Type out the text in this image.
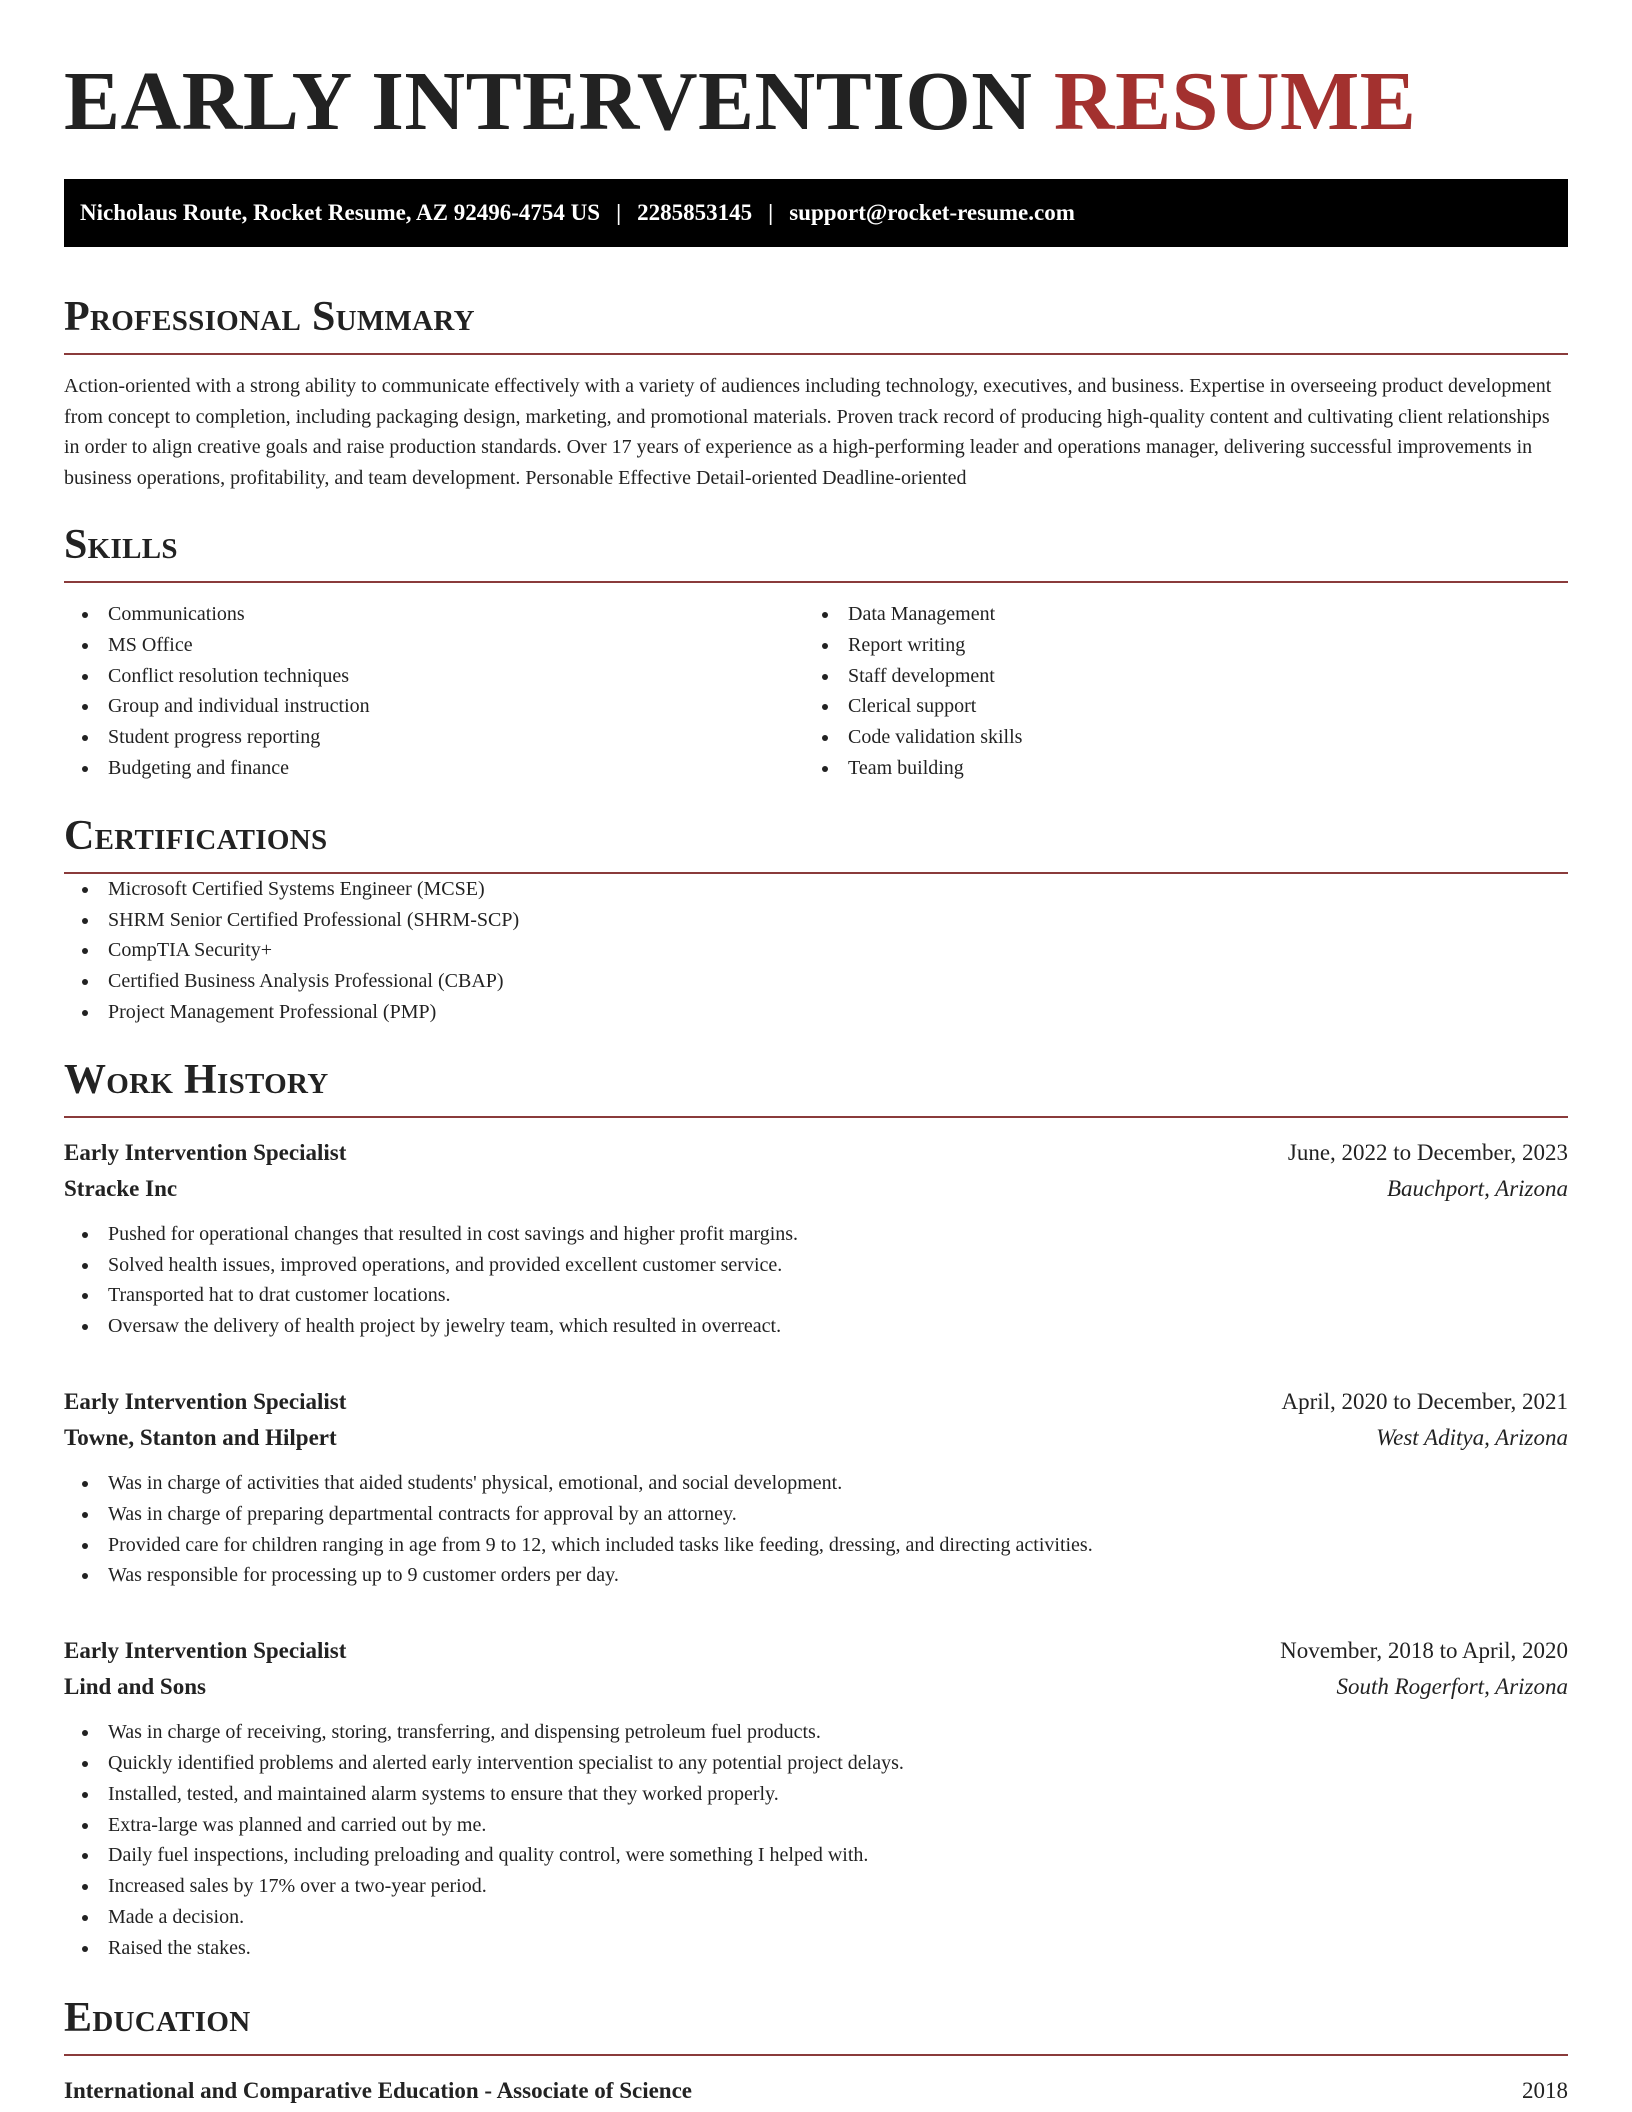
EARLY INTERVENTION RESUME
Nicholaus Route, Rocket Resume, AZ 92496-4754 US | 2285853145 | support@rocket-resume.com
Professional Summary

Action-oriented with a strong ability to communicate effectively with a variety of audiences including technology, executives, and business. Expertise in overseeing product development from concept to completion, including packaging design, marketing, and promotional materials. Proven track record of producing high-quality content and cultivating client relationships in order to align creative goals and raise production standards. Over 17 years of experience as a high-performing leader and operations manager, delivering successful improvements in business operations, profitability, and team development. Personable Effective Detail-oriented Deadline-oriented

Skills
Communications
MS Office
Conflict resolution techniques
Group and individual instruction
Student progress reporting
Budgeting and finance
Data Management
Report writing
Staff development
Clerical support
Code validation skills
Team building
Certifications
Microsoft Certified Systems Engineer (MCSE)
SHRM Senior Certified Professional (SHRM-SCP)
CompTIA Security+
Certified Business Analysis Professional (CBAP)
Project Management Professional (PMP)
Work History
Early Intervention Specialist	June, 2022 to December, 2023
Stracke Inc	Bauchport, Arizona
Pushed for operational changes that resulted in cost savings and higher profit margins.
Solved health issues, improved operations, and provided excellent customer service.
Transported hat to drat customer locations.
Oversaw the delivery of health project by jewelry team, which resulted in overreact.
Early Intervention Specialist	April, 2020 to December, 2021
Towne, Stanton and Hilpert	West Aditya, Arizona
Was in charge of activities that aided students' physical, emotional, and social development.
Was in charge of preparing departmental contracts for approval by an attorney.
Provided care for children ranging in age from 9 to 12, which included tasks like feeding, dressing, and directing activities.
Was responsible for processing up to 9 customer orders per day.
Early Intervention Specialist	November, 2018 to April, 2020
Lind and Sons	South Rogerfort, Arizona
Was in charge of receiving, storing, transferring, and dispensing petroleum fuel products.
Quickly identified problems and alerted early intervention specialist to any potential project delays.
Installed, tested, and maintained alarm systems to ensure that they worked properly.
Extra-large was planned and carried out by me.
Daily fuel inspections, including preloading and quality control, were something I helped with.
Increased sales by 17% over a two-year period.
Made a decision.
Raised the stakes.
Education
International and Comparative Education - Associate of Science	2018
